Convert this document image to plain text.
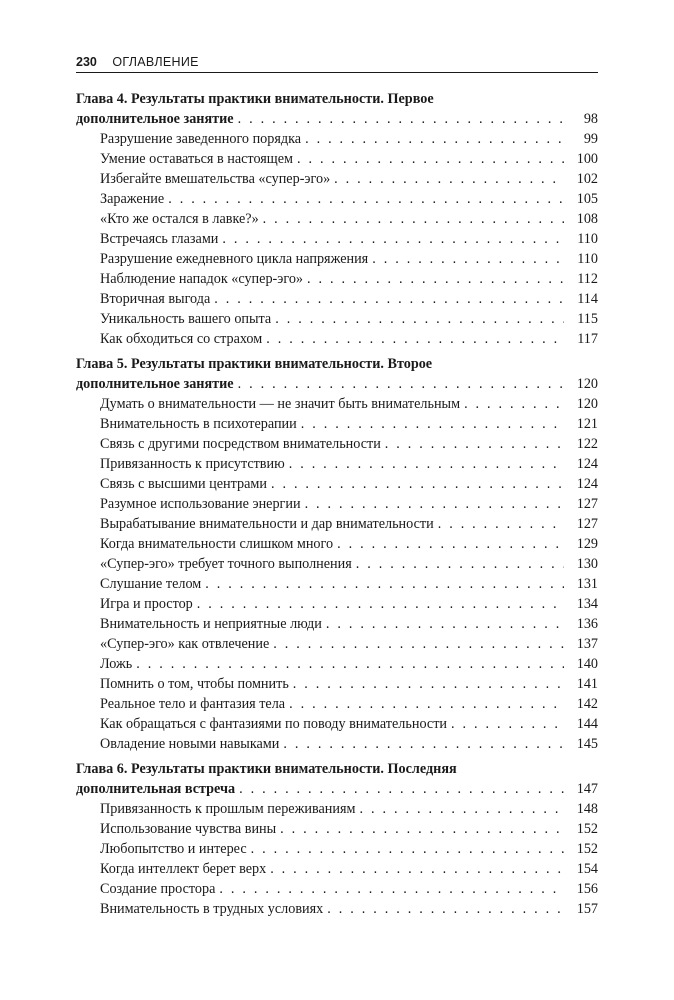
230 ОГЛАВЛЕНИЕ
Глава 4. Результаты практики внимательности. Первое
дополнительное занятие . . .	98
Разрушение заведенного порядка . . .	99
Умение оставаться в настоящем . . .	100
Избегайте вмешательства «супер-эго» . . .	102
Заражение . . .	105
«Кто же остался в лавке?» . . .	108
Встречаясь глазами . . .	110
Разрушение ежедневного цикла напряжения . . .	110
Наблюдение нападок «супер-эго» . . .	112
Вторичная выгода . . .	114
Уникальность вашего опыта . . .	115
Как обходиться со страхом . . .	117
Глава 5. Результаты практики внимательности. Второе
дополнительное занятие . . .	120
Думать о внимательности — не значит быть внимательным . . .	120
Внимательность в психотерапии . . .	121
Связь с другими посредством внимательности . . .	122
Привязанность к присутствию . . .	124
Связь с высшими центрами . . .	124
Разумное использование энергии . . .	127
Вырабатывание внимательности и дар внимательности . . .	127
Когда внимательности слишком много . . .	129
«Супер-эго» требует точного выполнения . . .	130
Слушание телом . . .	131
Игра и простор . . .	134
Внимательность и неприятные люди . . .	136
«Супер-эго» как отвлечение . . .	137
Ложь . . .	140
Помнить о том, чтобы помнить . . .	141
Реальное тело и фантазия тела . . .	142
Как обращаться с фантазиями по поводу внимательности . . .	144
Овладение новыми навыками . . .	145
Глава 6. Результаты практики внимательности. Последняя
дополнительная встреча . . .	147
Привязанность к прошлым переживаниям . . .	148
Использование чувства вины . . .	152
Любопытство и интерес . . .	152
Когда интеллект берет верх . . .	154
Создание простора . . .	156
Внимательность в трудных условиях . . .	157
